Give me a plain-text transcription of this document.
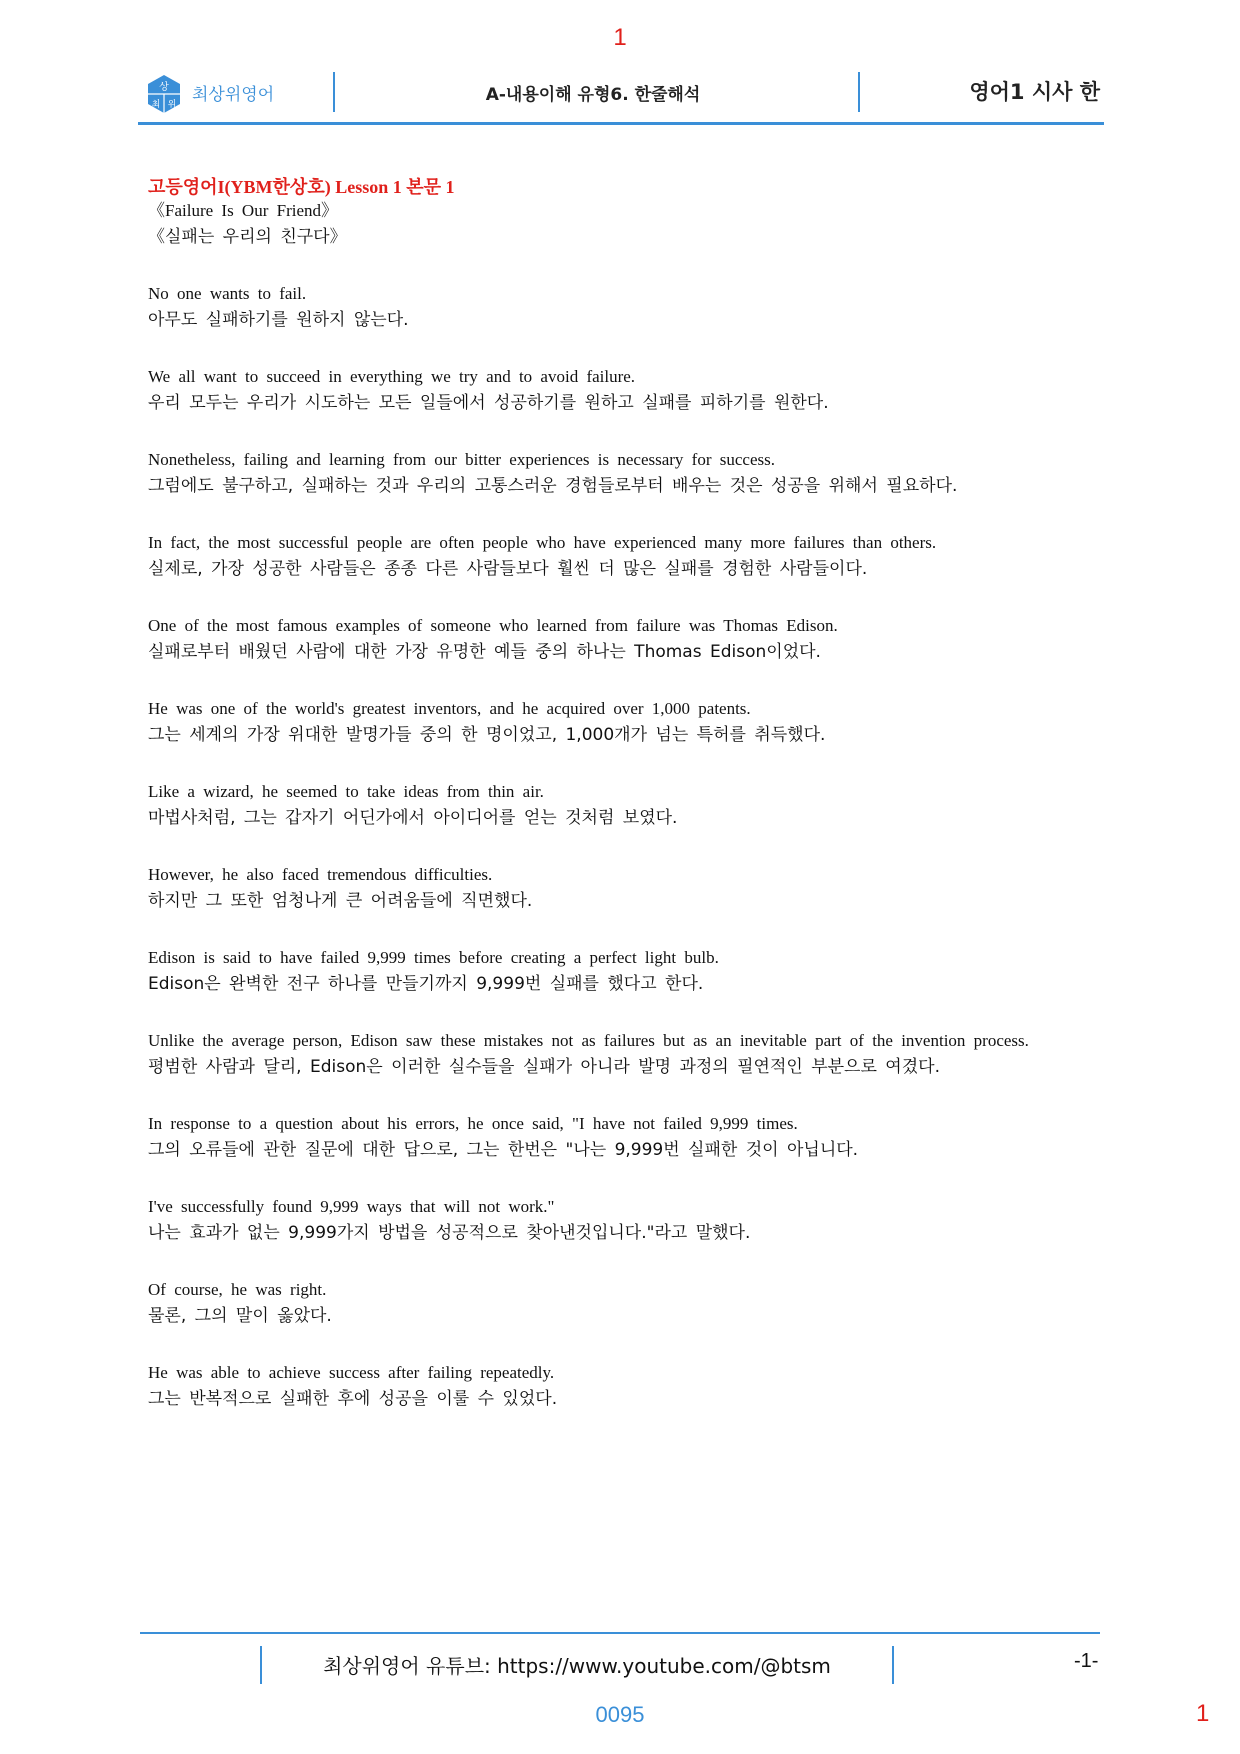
1
상
최 위 최상위영어	A-내용이해 유형6. 한줄해석	영어1 시사 한
고등영어I(YBM한상호) Lesson 1 본문 1
《Failure Is Our Friend》
《실패는 우리의 친구다》
No one wants to fail.
아무도 실패하기를 원하지 않는다.
We all want to succeed in everything we try and to avoid failure.
우리 모두는 우리가 시도하는 모든 일들에서 성공하기를 원하고 실패를 피하기를 원한다.
Nonetheless, failing and learning from our bitter experiences is necessary for success.
그럼에도 불구하고, 실패하는 것과 우리의 고통스러운 경험들로부터 배우는 것은 성공을 위해서 필요하다.
In fact, the most successful people are often people who have experienced many more failures than others.
실제로, 가장 성공한 사람들은 종종 다른 사람들보다 훨씬 더 많은 실패를 경험한 사람들이다.
One of the most famous examples of someone who learned from failure was Thomas Edison.
실패로부터 배웠던 사람에 대한 가장 유명한 예들 중의 하나는 Thomas Edison이었다.
He was one of the world's greatest inventors, and he acquired over 1,000 patents.
그는 세계의 가장 위대한 발명가들 중의 한 명이었고, 1,000개가 넘는 특허를 취득했다.
Like a wizard, he seemed to take ideas from thin air.
마법사처럼, 그는 갑자기 어딘가에서 아이디어를 얻는 것처럼 보였다.
However, he also faced tremendous difficulties.
하지만 그 또한 엄청나게 큰 어려움들에 직면했다.
Edison is said to have failed 9,999 times before creating a perfect light bulb.
Edison은 완벽한 전구 하나를 만들기까지 9,999번 실패를 했다고 한다.
Unlike the average person, Edison saw these mistakes not as failures but as an inevitable part of the invention process.
평범한 사람과 달리, Edison은 이러한 실수들을 실패가 아니라 발명 과정의 필연적인 부분으로 여겼다.
In response to a question about his errors, he once said, "I have not failed 9,999 times.
그의 오류들에 관한 질문에 대한 답으로, 그는 한번은 "나는 9,999번 실패한 것이 아닙니다.
I've successfully found 9,999 ways that will not work."
나는 효과가 없는 9,999가지 방법을 성공적으로 찾아낸것입니다."라고 말했다.
Of course, he was right.
물론, 그의 말이 옳았다.
He was able to achieve success after failing repeatedly.
그는 반복적으로 실패한 후에 성공을 이룰 수 있었다.
최상위영어 유튜브: https://www.youtube.com/@btsm	-1-
0095	1
